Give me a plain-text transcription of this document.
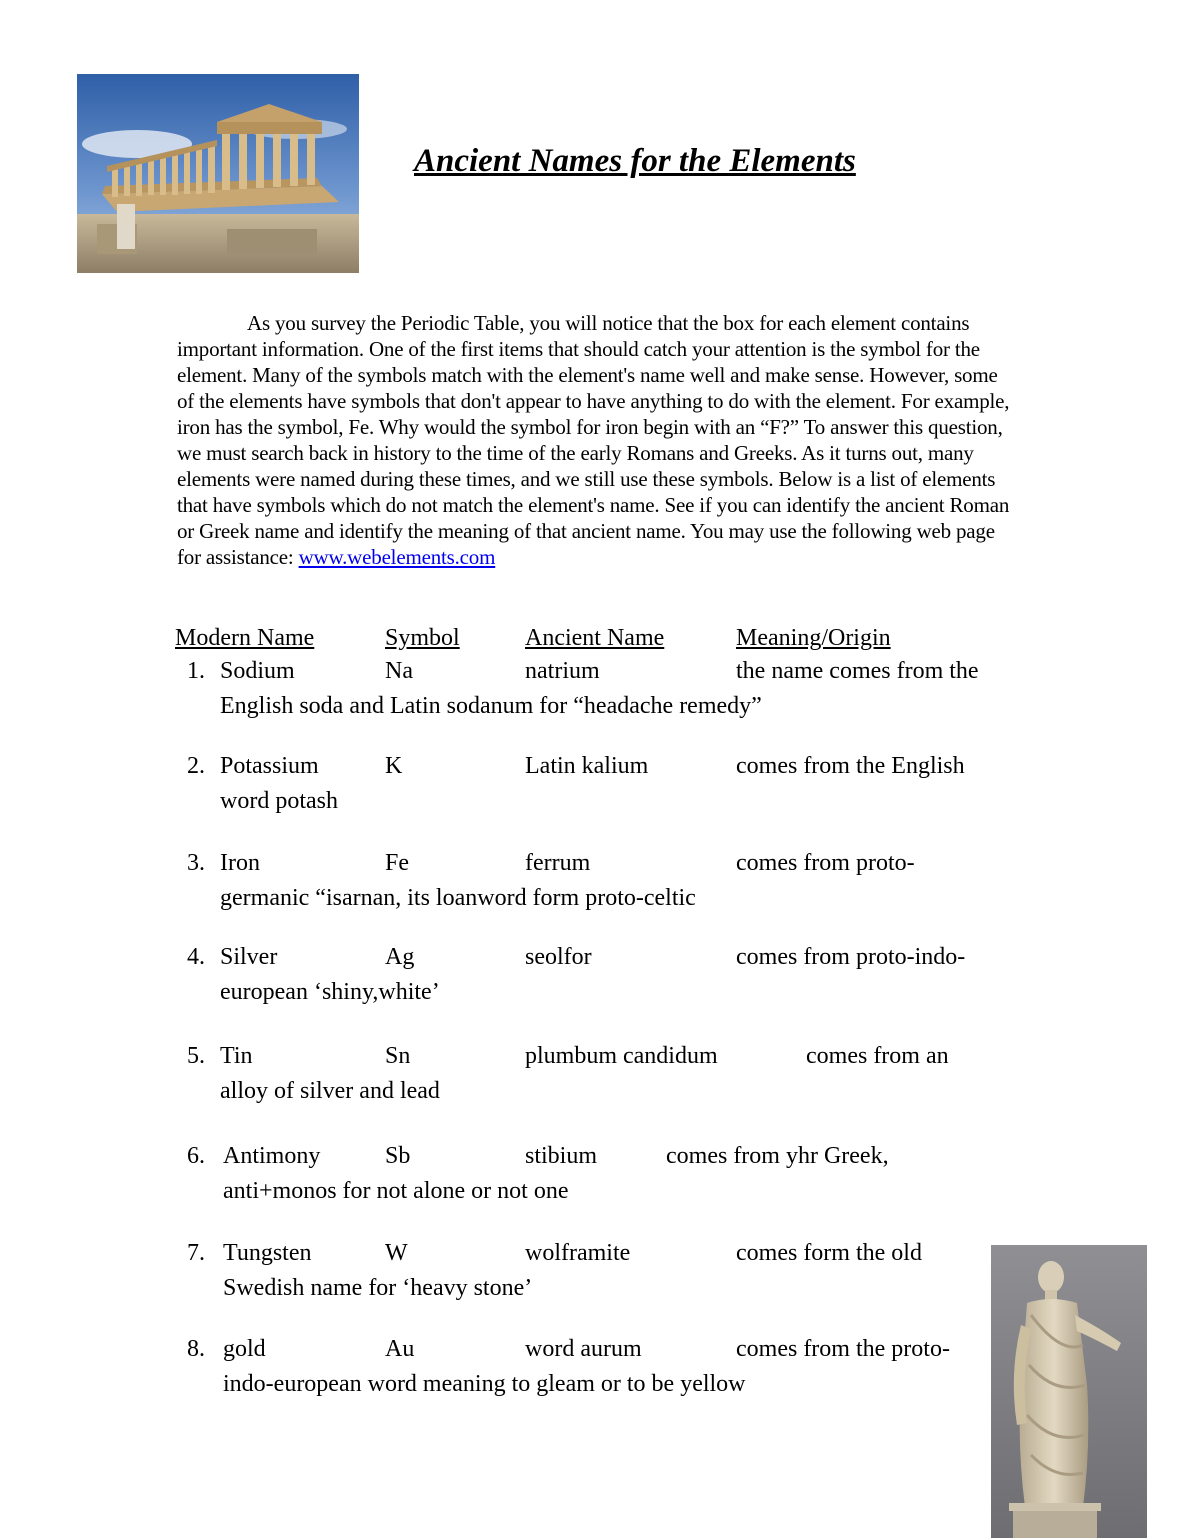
Ancient Names for the Elements

As you survey the Periodic Table, you will notice that the box for each element contains important information. One of the first items that should catch your attention is the symbol for the element. Many of the symbols match with the element's name well and make sense. However, some of the elements have symbols that don't appear to have anything to do with the element. For example, iron has the symbol, Fe. Why would the symbol for iron begin with an “F?” To answer this question, we must search back in history to the time of the early Romans and Greeks. As it turns out, many elements were named during these times, and we still use these symbols. Below is a list of elements that have symbols which do not match the element's name. See if you can identify the ancient Roman or Greek name and identify the meaning of that ancient name. You may use the following web page for assistance: www.webelements.com

Modern Name	Symbol	Ancient Name	Meaning/Origin
1. Sodium	Na	natrium	the name comes from the
English soda and Latin sodanum for “headache remedy”
2. Potassium	K	Latin kalium	comes from the English
word potash
3. Iron	Fe	ferrum	comes from proto-
germanic “isarnan, its loanword form proto-celtic
4. Silver	Ag	seolfor	comes from proto-indo-
european ‘shiny,white’
5. Tin	Sn	plumbum candidum	comes from an
alloy of silver and lead
6. Antimony	Sb	stibium	comes from yhr Greek,
anti+monos for not alone or not one
7. Tungsten	W	wolframite	comes form the old
Swedish name for ‘heavy stone’
8. gold	Au	word aurum	comes from the proto-
indo-european word meaning to gleam or to be yellow
